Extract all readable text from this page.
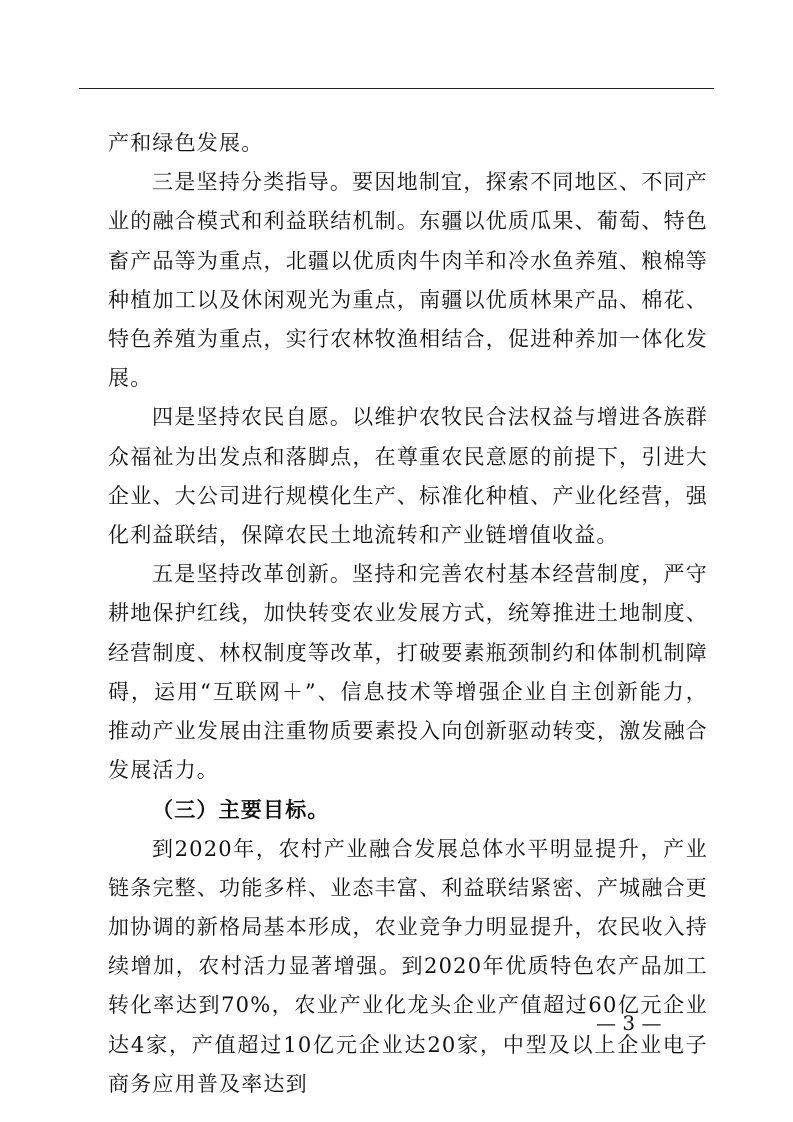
产和绿色发展。

三是坚持分类指导。要因地制宜，探索不同地区、不同产业的融合模式和利益联结机制。东疆以优质瓜果、葡萄、特色畜产品等为重点，北疆以优质肉牛肉羊和冷水鱼养殖、粮棉等种植加工以及休闲观光为重点，南疆以优质林果产品、棉花、特色养殖为重点，实行农林牧渔相结合，促进种养加一体化发展。

四是坚持农民自愿。以维护农牧民合法权益与增进各族群众福祉为出发点和落脚点，在尊重农民意愿的前提下，引进大企业、大公司进行规模化生产、标准化种植、产业化经营，强化利益联结，保障农民土地流转和产业链增值收益。

五是坚持改革创新。坚持和完善农村基本经营制度，严守耕地保护红线，加快转变农业发展方式，统筹推进土地制度、经营制度、林权制度等改革，打破要素瓶颈制约和体制机制障碍，运用“互联网＋”、信息技术等增强企业自主创新能力，推动产业发展由注重物质要素投入向创新驱动转变，激发融合发展活力。

（三）主要目标。

到2020年，农村产业融合发展总体水平明显提升，产业链条完整、功能多样、业态丰富、利益联结紧密、产城融合更加协调的新格局基本形成，农业竞争力明显提升，农民收入持续增加，农村活力显著增强。到2020年优质特色农产品加工转化率达到70%，农业产业化龙头企业产值超过60亿元企业达4家，产值超过10亿元企业达20家，中型及以上企业电子商务应用普及率达到

— 3 —
